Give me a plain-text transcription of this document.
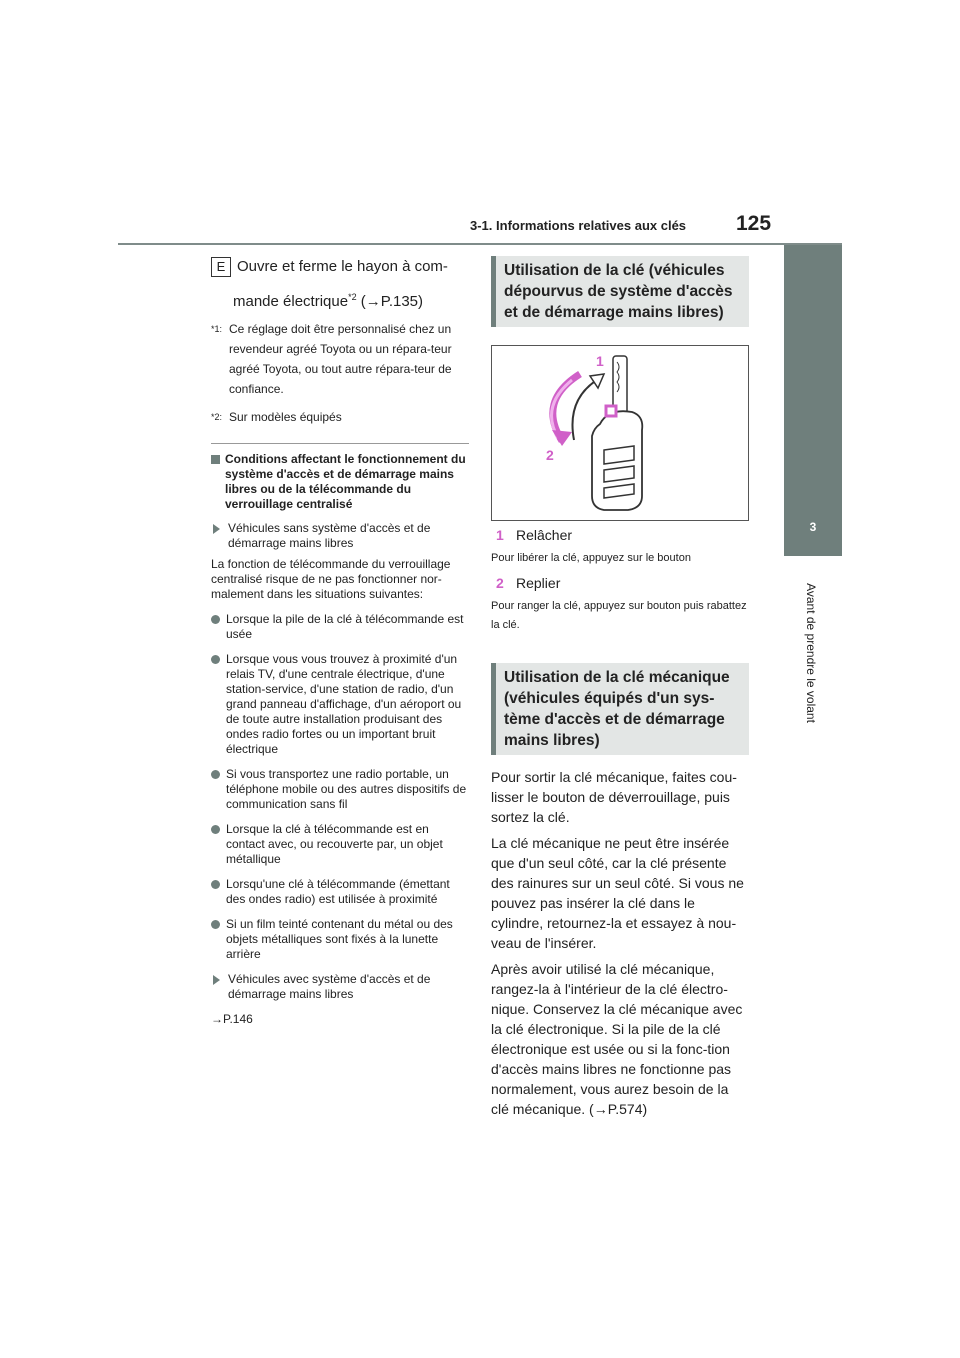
3-1. Informations relatives aux clés 125
3
Avant de prendre le volant
E Ouvre et ferme le hayon à com-
mande électrique$^{*2}$ (→P.135)
*1: Ce réglage doit être personnalisé chez un revendeur agréé Toyota ou un répara-teur agréé Toyota, ou tout autre répara-teur de confiance.
*2: Sur modèles équipés
Conditions affectant le fonctionnement du système d'accès et de démarrage mains libres ou de la télécommande du verrouillage centralisé
Véhicules sans système d'accès et de démarrage mains libres
La fonction de télécommande du verrouillage centralisé risque de ne pas fonctionner nor-malement dans les situations suivantes:
Lorsque la pile de la clé à télécommande est usée
Lorsque vous vous trouvez à proximité d'un relais TV, d'une centrale électrique, d'une station-service, d'une station de radio, d'un grand panneau d'affichage, d'un aéroport ou de toute autre installation produisant des ondes radio fortes ou un important bruit électrique
Si vous transportez une radio portable, un téléphone mobile ou des autres dispositifs de communication sans fil
Lorsque la clé à télécommande est en contact avec, ou recouverte par, un objet métallique
Lorsqu'une clé à télécommande (émettant des ondes radio) est utilisée à proximité
Si un film teinté contenant du métal ou des objets métalliques sont fixés à la lunette arrière
Véhicules avec système d'accès et de démarrage mains libres
→P.146
Utilisation de la clé (véhicules dépourvus de système d'accès et de démarrage mains libres)
1
2
1 Relâcher
Pour libérer la clé, appuyez sur le bouton
2 Replier
Pour ranger la clé, appuyez sur bouton puis rabattez la clé.
Utilisation de la clé mécanique (véhicules équipés d'un sys-tème d'accès et de démarrage mains libres)
Pour sortir la clé mécanique, faites cou-lisser le bouton de déverrouillage, puis sortez la clé.
La clé mécanique ne peut être insérée que d'un seul côté, car la clé présente des rainures sur un seul côté. Si vous ne pouvez pas insérer la clé dans le cylindre, retournez-la et essayez à nou-veau de l'insérer.
Après avoir utilisé la clé mécanique, rangez-la à l'intérieur de la clé électro-nique. Conservez la clé mécanique avec la clé électronique. Si la pile de la clé électronique est usée ou si la fonc-tion d'accès mains libres ne fonctionne pas normalement, vous aurez besoin de la clé mécanique. (→P.574)
